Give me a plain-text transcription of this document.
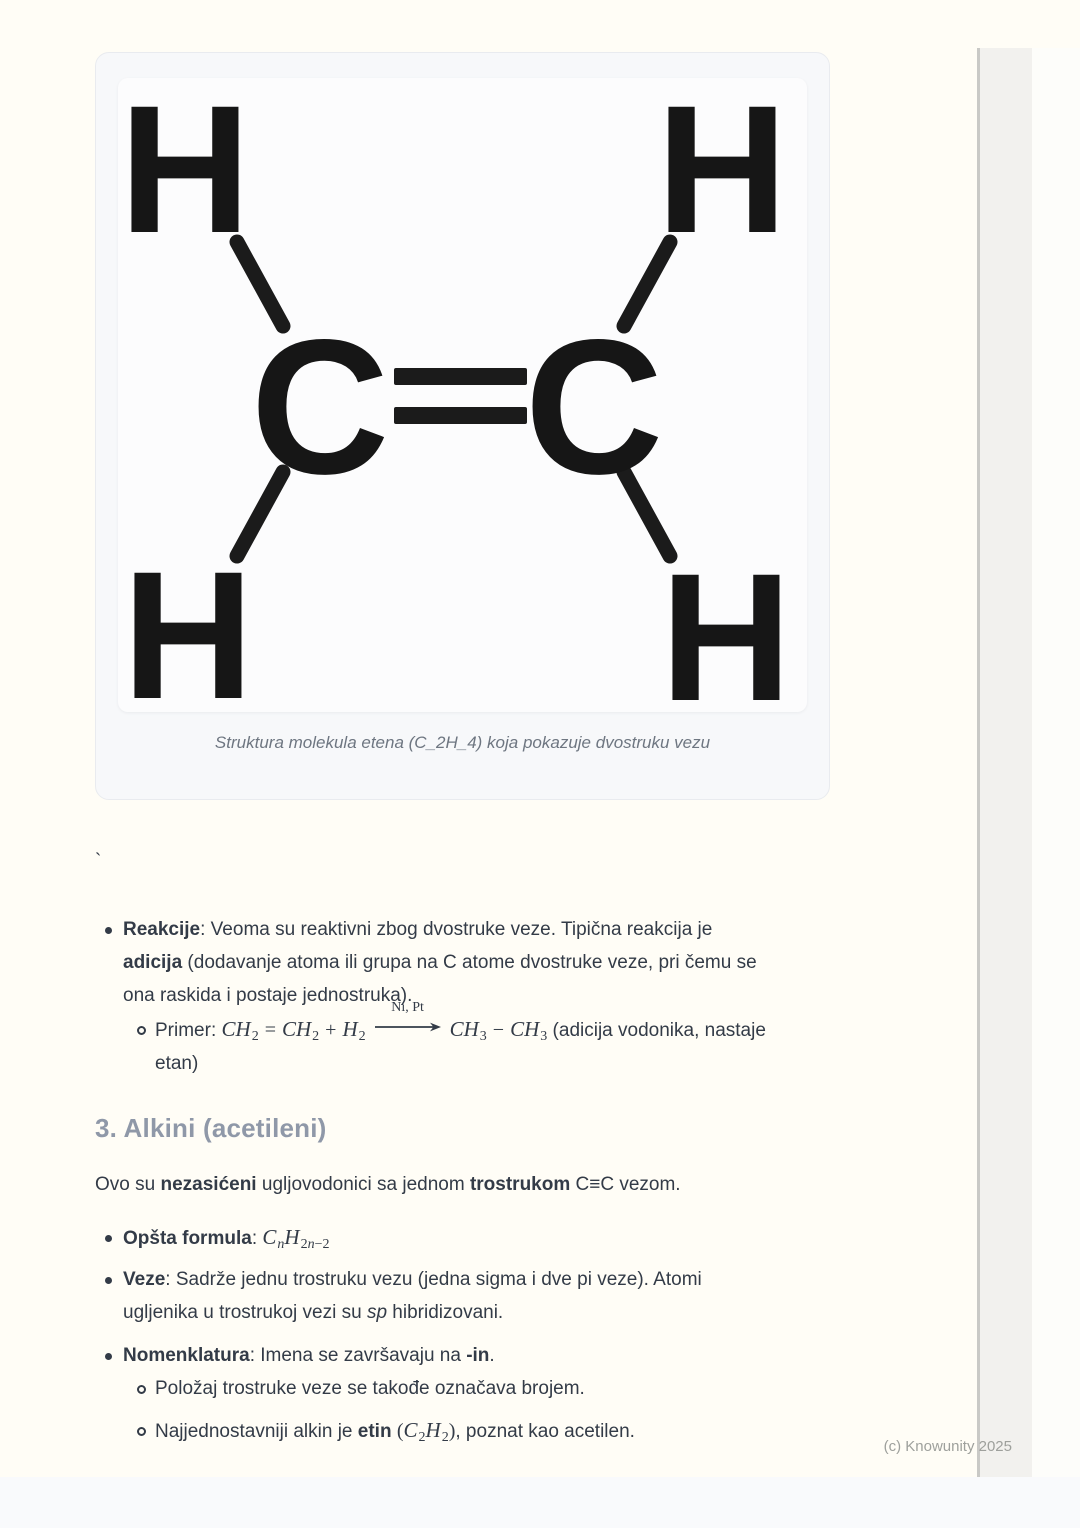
H H
H H
C C
Struktura molekula etena (C_2H_4) koja pokazuje dvostruku vezu
`
Reakcije: Veoma su reaktivni zbog dvostruke veze. Tipična reakcija je
adicija (dodavanje atoma ili grupa na C atome dvostruke veze, pri čemu se
ona raskida i postaje jednostruka).
Primer: $CH_2 = CH_2 + H_2$
Ni, Pt
$CH_3 - CH_3$ (adicija vodonika, nastaje
etan)
3. Alkini (acetileni)
Ovo su nezasićeni ugljovodonici sa jednom trostrukom C≡C vezom.
Opšta formula: $C_nH_{2n-2}$
Veze: Sadrže jednu trostruku vezu (jedna sigma i dve pi veze). Atomi
ugljenika u trostrukoj vezi su sp hibridizovani.
Nomenklatura: Imena se završavaju na -in.
Položaj trostruke veze se takođe označava brojem.
Najjednostavniji alkin je etin $(C_2H_2)$, poznat kao acetilen.
(c) Knowunity 2025
